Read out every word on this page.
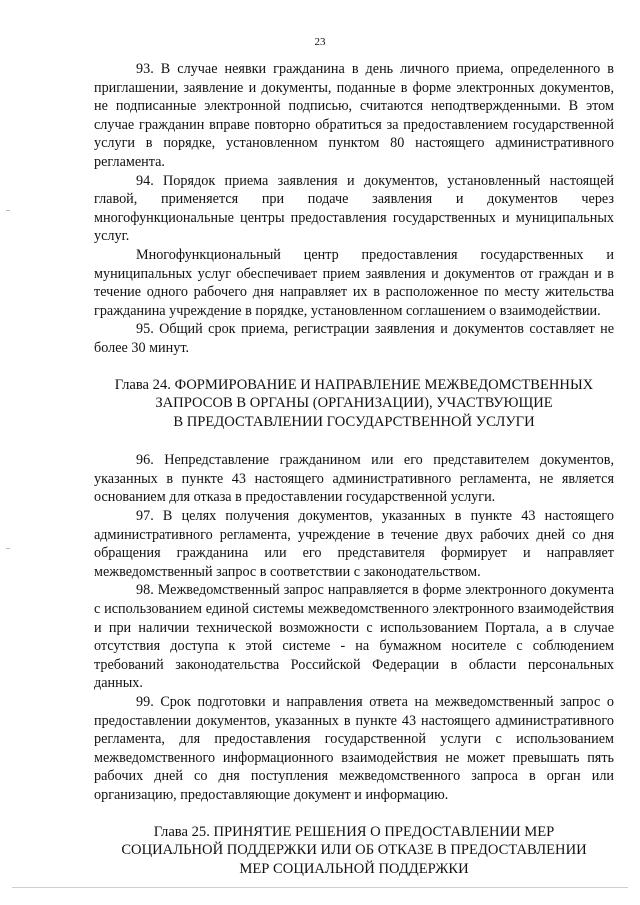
23

93. В случае неявки гражданина в день личного приема, определенного в приглашении, заявление и документы, поданные в форме электронных документов, не подписанные электронной подписью, считаются неподтвержденными. В этом случае гражданин вправе повторно обратиться за предоставлением государственной услуги в порядке, установленном пунктом 80 настоящего административного регламента.

94. Порядок приема заявления и документов, установленный настоящей главой, применяется при подаче заявления и документов через многофункциональные центры предоставления государственных и муниципальных услуг.

Многофункциональный центр предоставления государственных и муниципальных услуг обеспечивает прием заявления и документов от граждан и в течение одного рабочего дня направляет их в расположенное по месту жительства гражданина учреждение в порядке, установленном соглашением о взаимодействии.

95. Общий срок приема, регистрации заявления и документов составляет не более 30 минут.

Глава 24. ФОРМИРОВАНИЕ И НАПРАВЛЕНИЕ МЕЖВЕДОМСТВЕННЫХ
ЗАПРОСОВ В ОРГАНЫ (ОРГАНИЗАЦИИ), УЧАСТВУЮЩИЕ
В ПРЕДОСТАВЛЕНИИ ГОСУДАРСТВЕННОЙ УСЛУГИ

96. Непредставление гражданином или его представителем документов, указанных в пункте 43 настоящего административного регламента, не является основанием для отказа в предоставлении государственной услуги.

97. В целях получения документов, указанных в пункте 43 настоящего административного регламента, учреждение в течение двух рабочих дней со дня обращения гражданина или его представителя формирует и направляет межведомственный запрос в соответствии с законодательством.

98. Межведомственный запрос направляется в форме электронного документа с использованием единой системы межведомственного электронного взаимодействия и при наличии технической возможности с использованием Портала, а в случае отсутствия доступа к этой системе - на бумажном носителе с соблюдением требований законодательства Российской Федерации в области персональных данных.

99. Срок подготовки и направления ответа на межведомственный запрос о предоставлении документов, указанных в пункте 43 настоящего административного регламента, для предоставления государственной услуги с использованием межведомственного информационного взаимодействия не может превышать пять рабочих дней со дня поступления межведомственного запроса в орган или организацию, предоставляющие документ и информацию.

Глава 25. ПРИНЯТИЕ РЕШЕНИЯ О ПРЕДОСТАВЛЕНИИ МЕР
СОЦИАЛЬНОЙ ПОДДЕРЖКИ ИЛИ ОБ ОТКАЗЕ В ПРЕДОСТАВЛЕНИИ
МЕР СОЦИАЛЬНОЙ ПОДДЕРЖКИ
